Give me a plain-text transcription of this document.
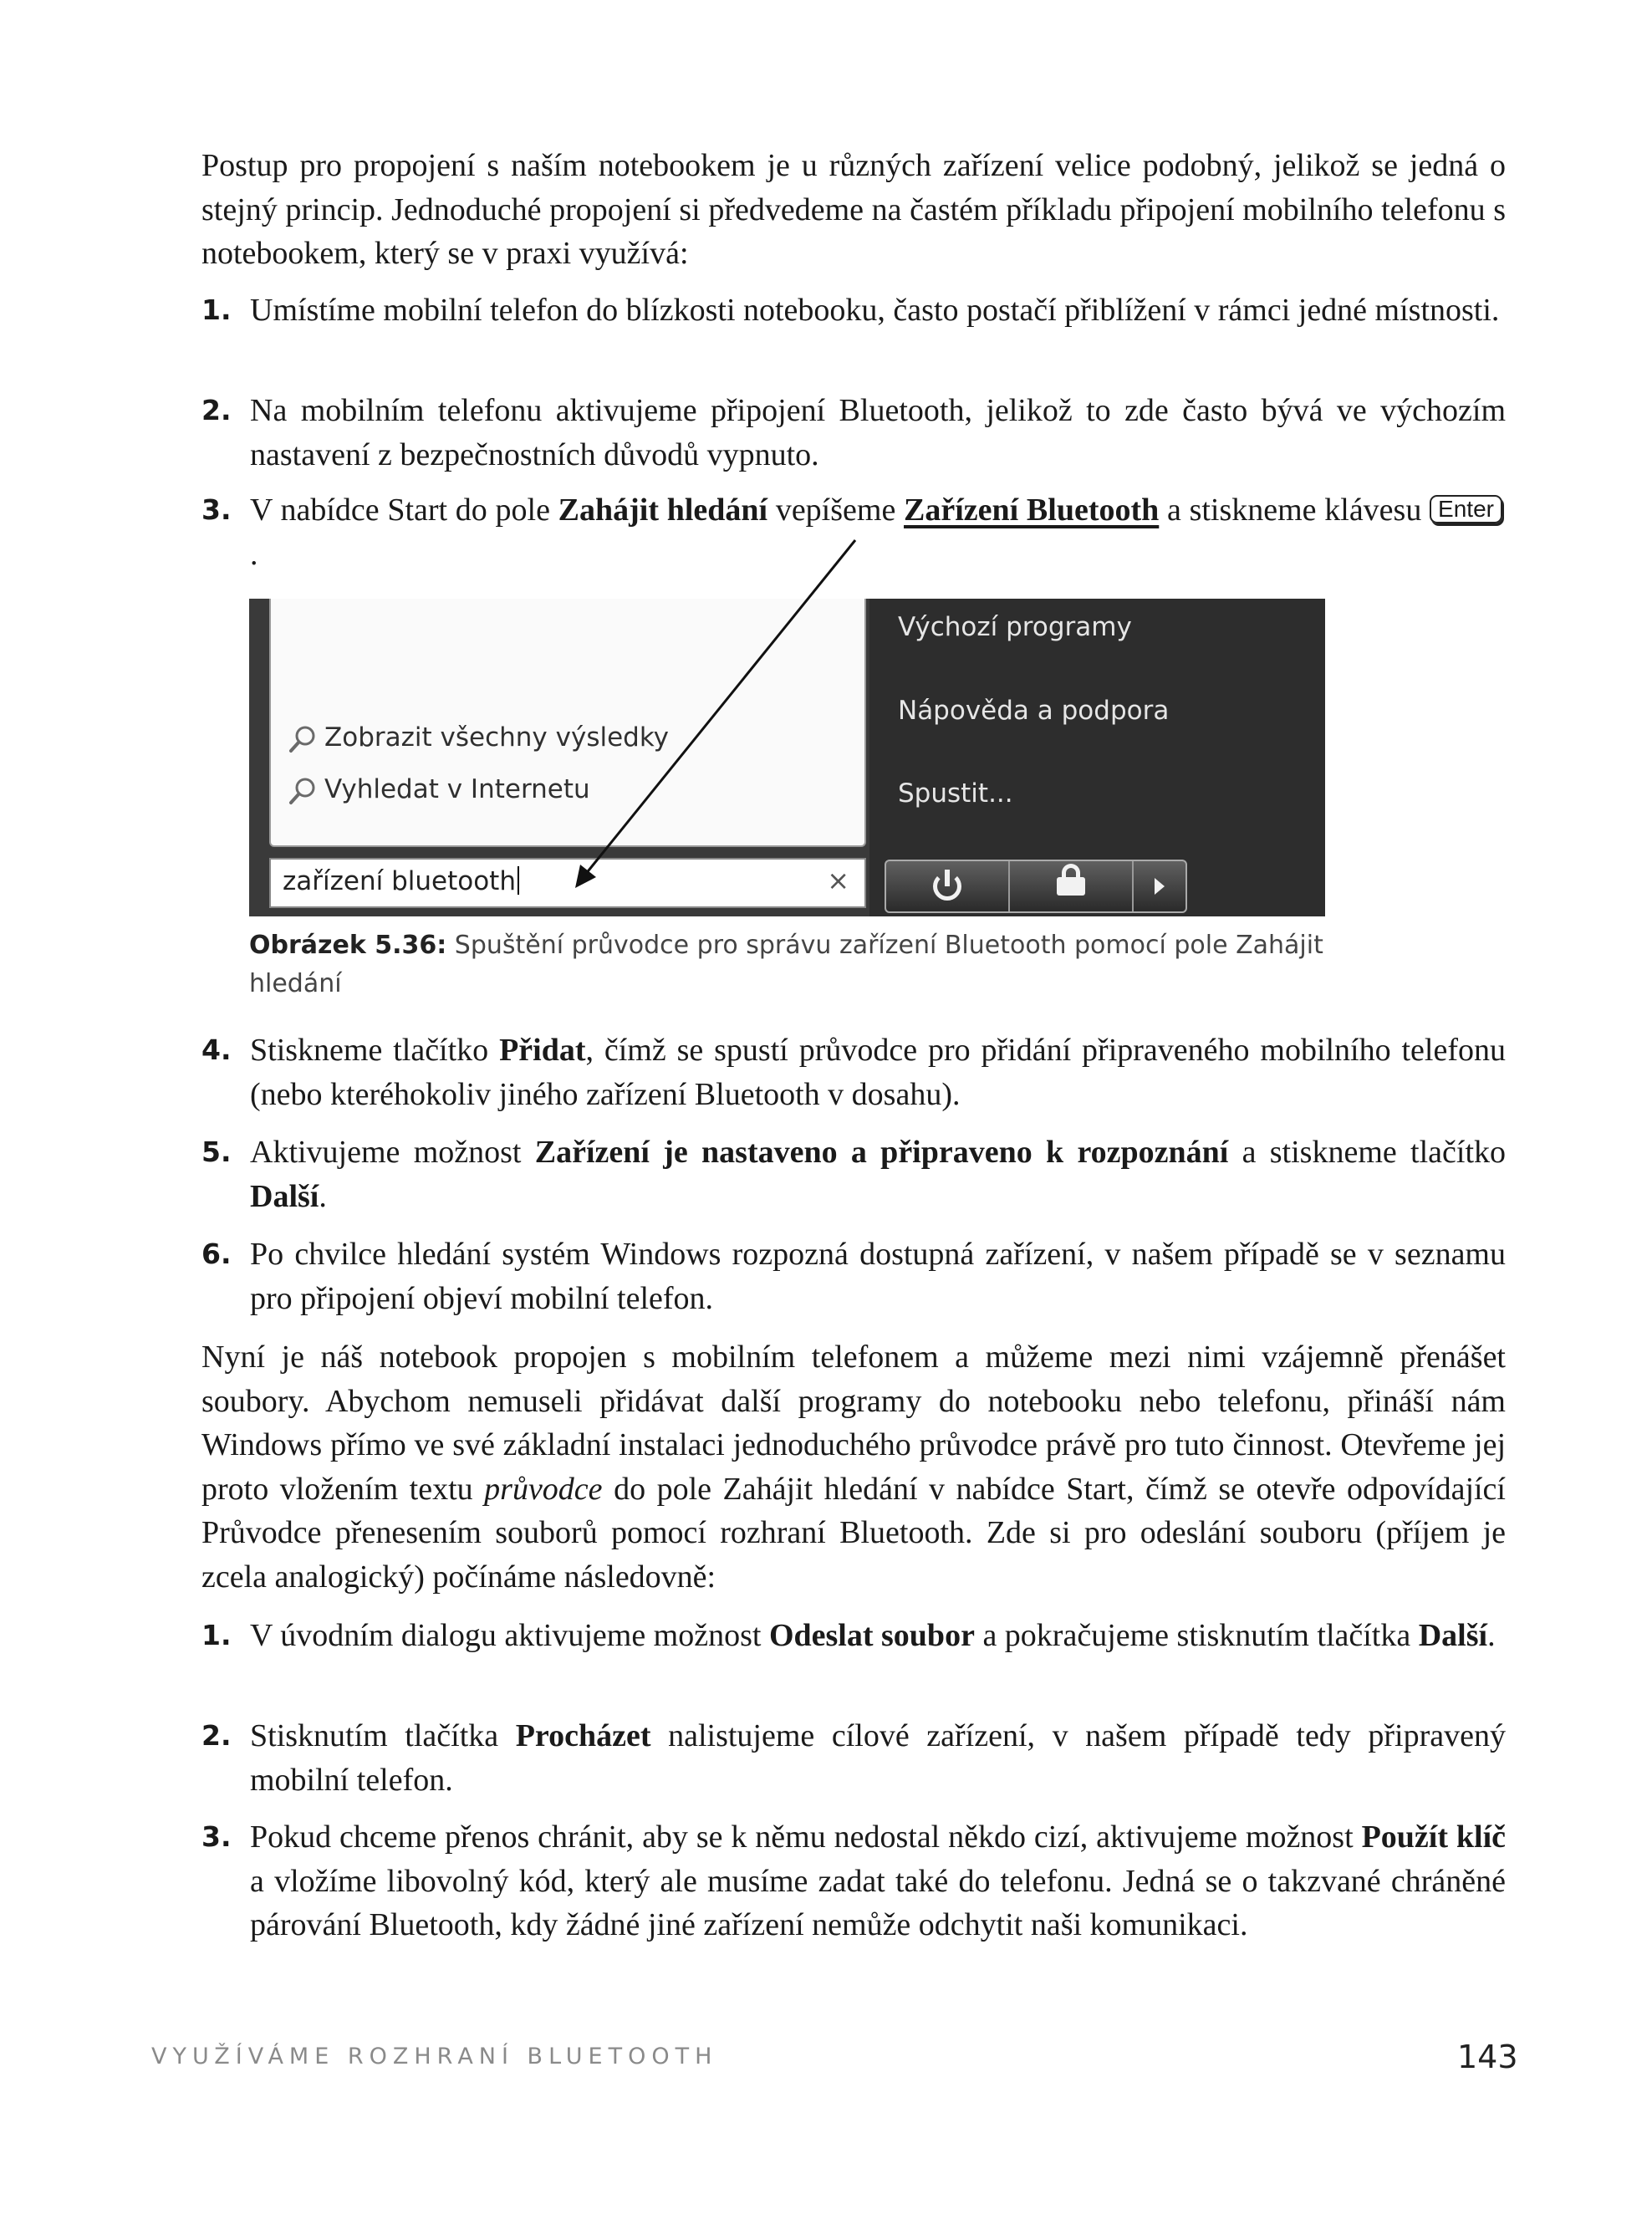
Postup pro propojení s naším notebookem je u různých zařízení velice podobný, jelikož se jedná o stejný princip. Jednoduché propojení si předvedeme na častém příkladu připojení mobilního telefonu s notebookem, který se v praxi využívá:

1. Umístíme mobilní telefon do blízkosti notebooku, často postačí přiblížení v rámci jedné místnosti.
2. Na mobilním telefonu aktivujeme připojení Bluetooth, jelikož to zde často bývá ve výchozím nastavení z bezpečnostních důvodů vypnuto.
3. V nabídce Start do pole Zahájit hledání vepíšeme Zařízení Bluetooth a stiskneme klávesu Enter.
Zobrazit všechny výsledky
Vyhledat v Internetu
zařízení bluetooth	×
Výchozí programy
Nápověda a podpora
Spustit...

Obrázek 5.36: Spuštění průvodce pro správu zařízení Bluetooth pomocí pole Zahájit hledání

4. Stiskneme tlačítko Přidat, čímž se spustí průvodce pro přidání připraveného mobilního telefonu (nebo kteréhokoliv jiného zařízení Bluetooth v dosahu).
5. Aktivujeme možnost Zařízení je nastaveno a připraveno k rozpoznání a stiskneme tlačítko Další.
6. Po chvilce hledání systém Windows rozpozná dostupná zařízení, v našem případě se v seznamu pro připojení objeví mobilní telefon.

Nyní je náš notebook propojen s mobilním telefonem a můžeme mezi nimi vzájemně přenášet soubory. Abychom nemuseli přidávat další programy do notebooku nebo telefonu, přináší nám Windows přímo ve své základní instalaci jednoduchého průvodce právě pro tuto činnost. Otevřeme jej proto vložením textu průvodce do pole Zahájit hledání v nabídce Start, čímž se otevře odpovídající Průvodce přenesením souborů pomocí rozhraní Bluetooth. Zde si pro odeslání souboru (příjem je zcela analogický) počínáme následovně:

1. V úvodním dialogu aktivujeme možnost Odeslat soubor a pokračujeme stisknutím tlačítka Další.
2. Stisknutím tlačítka Procházet nalistujeme cílové zařízení, v našem případě tedy připravený mobilní telefon.
3. Pokud chceme přenos chránit, aby se k němu nedostal někdo cizí, aktivujeme možnost Použít klíč a vložíme libovolný kód, který ale musíme zadat také do telefonu. Jedná se o takzvané chráněné párování Bluetooth, kdy žádné jiné zařízení nemůže odchytit naši komunikaci.
VYUŽÍVÁME ROZHRANÍ BLUETOOTH	143
